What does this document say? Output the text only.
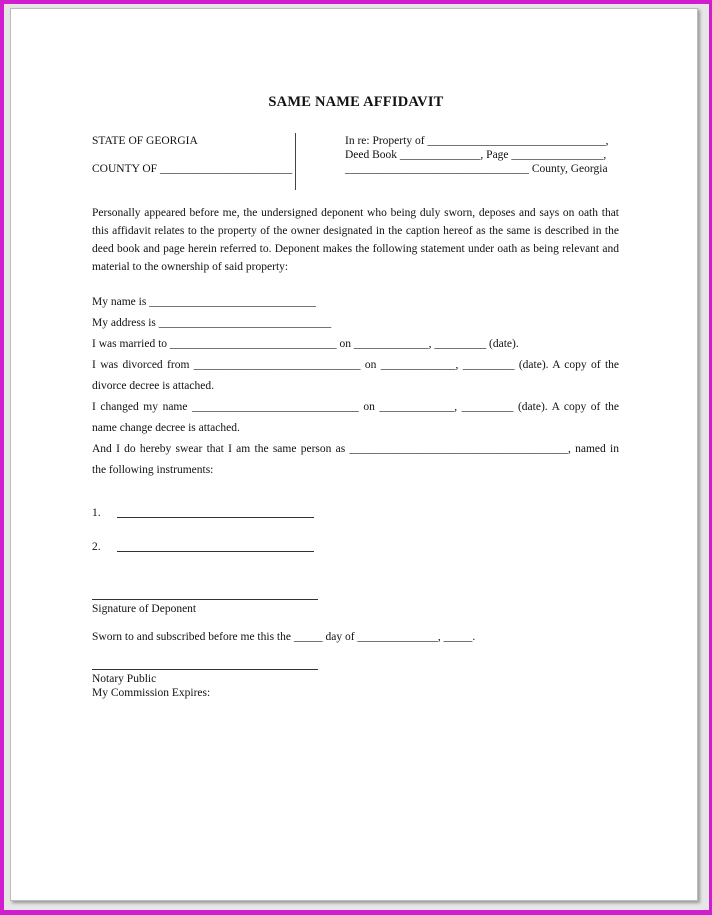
SAME NAME AFFIDAVIT
STATE OF GEORGIA
COUNTY OF _______________________
In re: Property of _______________________________,
Deed Book ______________, Page ________________,
________________________________ County, Georgia
Personally appeared before me, the undersigned deponent who being duly sworn, deposes and says on oath that this affidavit relates to the property of the owner designated in the caption hereof as the same is described in the deed book and page herein referred to. Deponent makes the following statement under oath as being relevant and material to the ownership of said property:
My name is _____________________________
My address is ______________________________
I was married to _____________________________ on _____________, _________ (date).
I was divorced from _____________________________ on _____________, _________ (date). A copy of the
divorce decree is attached.
I changed my name _____________________________ on _____________, _________ (date). A copy of the
name change decree is attached.
And I do hereby swear that I am the same person as ______________________________________, named in
the following instruments:
1.
2.
Signature of Deponent
Sworn to and subscribed before me this the _____ day of ______________, _____.
Notary Public
My Commission Expires:
